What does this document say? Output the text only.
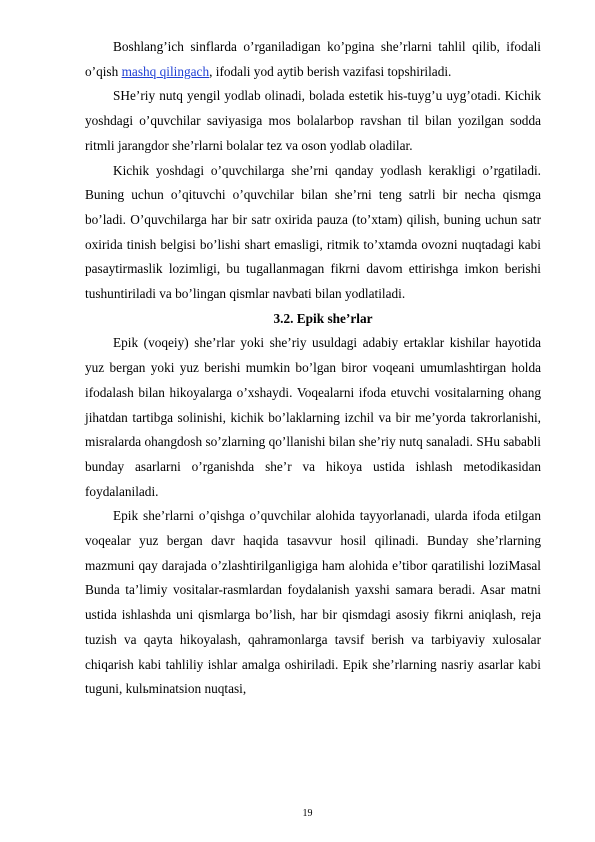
Boshlang’ich sinflarda o’rganiladigan ko’pgina she’rlarni tahlil qilib, ifodali o’qish mashq qilingach, ifodali yod aytib berish vazifasi topshiriladi.

SHe’riy nutq yengil yodlab olinadi, bolada estetik his-tuyg’u uyg’otadi. Kichik yoshdagi o’quvchilar saviyasiga mos bolalarbop ravshan til bilan yozilgan sodda ritmli jarangdor she’rlarni bolalar tez va oson yodlab oladilar.

Kichik yoshdagi o’quvchilarga she’rni qanday yodlash kerakligi o’rgatiladi. Buning uchun o’qituvchi o’quvchilar bilan she’rni teng satrli bir necha qismga bo’ladi. O’quvchilarga har bir satr oxirida pauza (to’xtam) qilish, buning uchun satr oxirida tinish belgisi bo’lishi shart emasligi, ritmik to’xtamda ovozni nuqtadagi kabi pasaytirmaslik lozimligi, bu tugallanmagan fikrni davom ettirishga imkon berishi tushuntiriladi va bo’lingan qismlar navbati bilan yodlatiladi.

3.2. Epik she’rlar

Epik (voqeiy) she’rlar yoki she’riy usuldagi adabiy ertaklar kishilar hayotida yuz bergan yoki yuz berishi mumkin bo’lgan biror voqeani umumlashtirgan holda ifodalash bilan hikoyalarga o’xshaydi. Voqealarni ifoda etuvchi vositalarning ohang jihatdan tartibga solinishi, kichik bo’laklarning izchil va bir me’yorda takrorlanishi, misralarda ohangdosh so’zlarning qo’llanishi bilan she’riy nutq sanaladi. SHu sababli bunday asarlarni o’rganishda she’r va hikoya ustida ishlash metodikasidan foydalaniladi.

Epik she’rlarni o’qishga o’quvchilar alohida tayyorlanadi, ularda ifoda etilgan voqealar yuz bergan davr haqida tasavvur hosil qilinadi. Bunday she’rlarning mazmuni qay darajada o’zlashtirilganligiga ham alohida e’tibor qaratilishi loziMasal Bunda ta’limiy vositalar-rasmlardan foydalanish yaxshi samara beradi. Asar matni ustida ishlashda uni qismlarga bo’lish, har bir qismdagi asosiy fikrni aniqlash, reja tuzish va qayta hikoyalash, qahramonlarga tavsif berish va tarbiyaviy xulosalar chiqarish kabi tahliliy ishlar amalga oshiriladi. Epik she’rlarning nasriy asarlar kabi tuguni, kulьminatsion nuqtasi,

19
